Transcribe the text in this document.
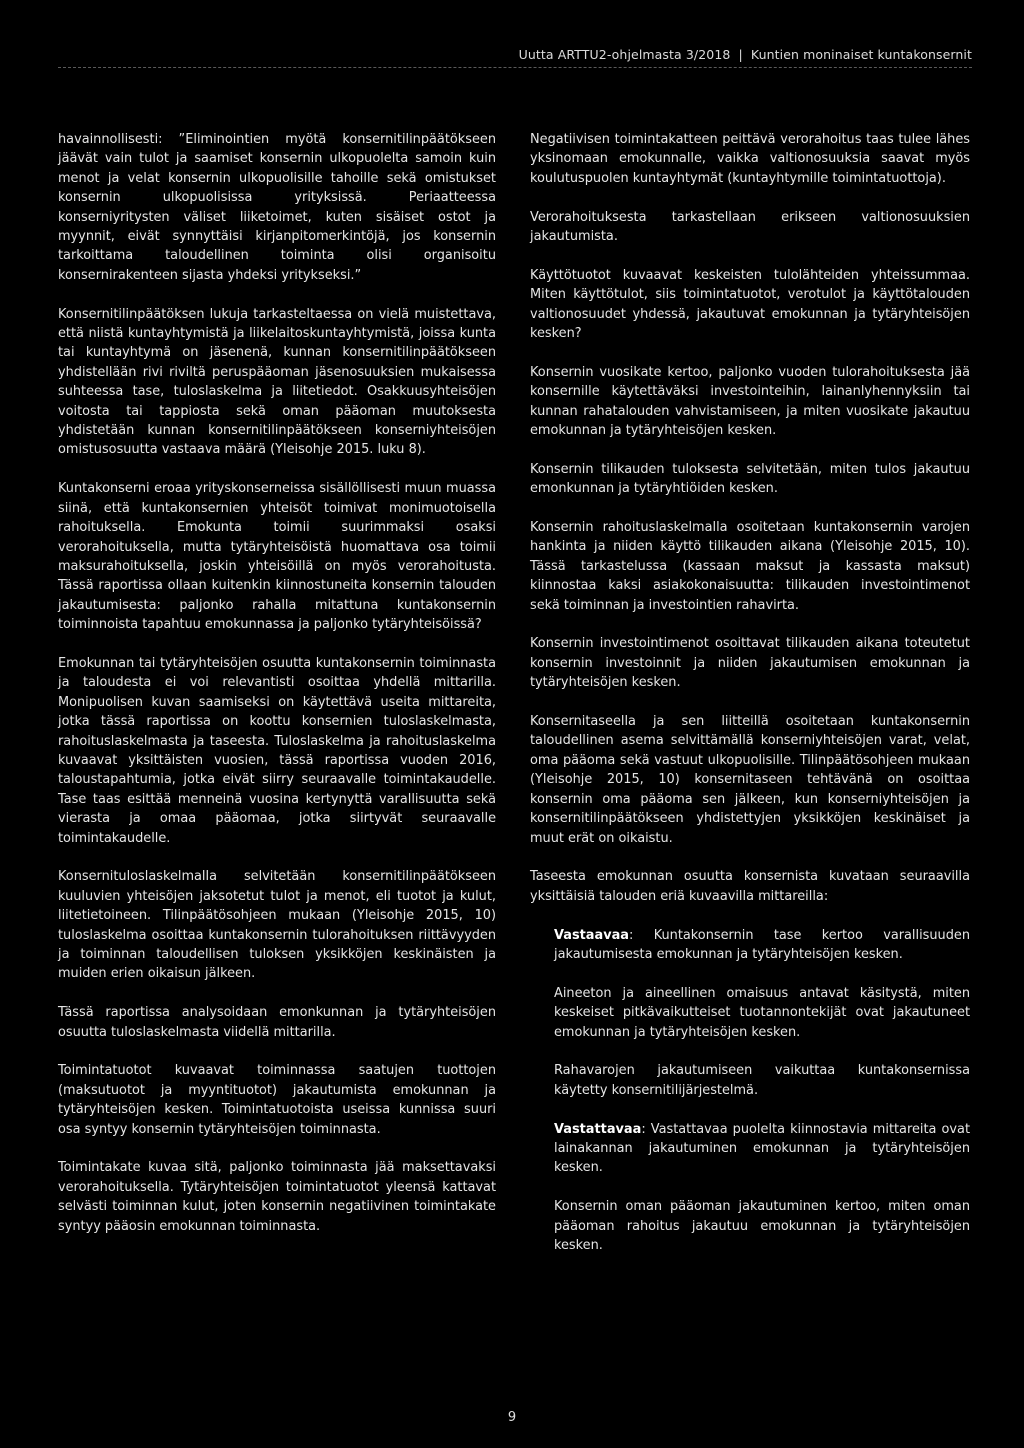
Uutta ARTTU2-ohjelmasta 3/2018 | Kuntien moninaiset kuntakonsernit

havainnollisesti: ”Eliminointien myötä konsernitilinpäätökseen jäävät vain tulot ja saamiset konsernin ulkopuolelta samoin kuin menot ja velat konsernin ulkopuolisille tahoille sekä omistukset konsernin ulkopuolisissa yrityksissä. Periaatteessa konserniyritysten väliset liiketoimet, kuten sisäiset ostot ja myynnit, eivät synnyttäisi kirjanpitomerkintöjä, jos konsernin tarkoittama taloudellinen toiminta olisi organisoitu konsernirakenteen sijasta yhdeksi yritykseksi.”

Konsernitilinpäätöksen lukuja tarkasteltaessa on vielä muistettava, että niistä kuntayhtymistä ja liikelaitoskuntayhtymistä, joissa kunta tai kuntayhtymä on jäsenenä, kunnan konsernitilinpäätökseen yhdistellään rivi riviltä peruspääoman jäsenosuuksien mukaisessa suhteessa tase, tuloslaskelma ja liitetiedot. Osakkuusyhteisöjen voitosta tai tappiosta sekä oman pääoman muutoksesta yhdistetään kunnan konsernitilinpäätökseen konserniyhteisöjen omistusosuutta vastaava määrä (Yleisohje 2015. luku 8).

Kuntakonserni eroaa yrityskonserneissa sisällöllisesti muun muassa siinä, että kuntakonsernien yhteisöt toimivat monimuotoisella rahoituksella. Emokunta toimii suurimmaksi osaksi verorahoituksella, mutta tytäryhteisöistä huomattava osa toimii maksurahoituksella, joskin yhteisöillä on myös verorahoitusta. Tässä raportissa ollaan kuitenkin kiinnostuneita konsernin talouden jakautumisesta: paljonko rahalla mitattuna kuntakonsernin toiminnoista tapahtuu emokunnassa ja paljonko tytäryhteisöissä?

Emokunnan tai tytäryhteisöjen osuutta kuntakonsernin toiminnasta ja taloudesta ei voi relevantisti osoittaa yhdellä mittarilla. Monipuolisen kuvan saamiseksi on käytettävä useita mittareita, jotka tässä raportissa on koottu konsernien tuloslaskelmasta, rahoituslaskelmasta ja taseesta. Tuloslaskelma ja rahoituslaskelma kuvaavat yksittäisten vuosien, tässä raportissa vuoden 2016, taloustapahtumia, jotka eivät siirry seuraavalle toimintakaudelle. Tase taas esittää menneinä vuosina kertynyttä varallisuutta sekä vierasta ja omaa pääomaa, jotka siirtyvät seuraavalle toimintakaudelle.

Konsernituloslaskelmalla selvitetään konsernitilinpäätökseen kuuluvien yhteisöjen jaksotetut tulot ja menot, eli tuotot ja kulut, liitetietoineen. Tilinpäätösohjeen mukaan (Yleisohje 2015, 10) tuloslaskelma osoittaa kuntakonsernin tulorahoituksen riittävyyden ja toiminnan taloudellisen tuloksen yksikköjen keskinäisten ja muiden erien oikaisun jälkeen.

Tässä raportissa analysoidaan emonkunnan ja tytäryhteisöjen osuutta tuloslaskelmasta viidellä mittarilla.

Toimintatuotot kuvaavat toiminnassa saatujen tuottojen (maksutuotot ja myyntituotot) jakautumista emokunnan ja tytäryhteisöjen kesken. Toimintatuotoista useissa kunnissa suuri osa syntyy konsernin tytäryhteisöjen toiminnasta.

Toimintakate kuvaa sitä, paljonko toiminnasta jää maksettavaksi verorahoituksella. Tytäryhteisöjen toimintatuotot yleensä kattavat selvästi toiminnan kulut, joten konsernin negatiivinen toimintakate syntyy pääosin emokunnan toiminnasta.

Negatiivisen toimintakatteen peittävä verorahoitus taas tulee lähes yksinomaan emokunnalle, vaikka valtionosuuksia saavat myös koulutuspuolen kuntayhtymät (kuntayhtymille toimintatuottoja).

Verorahoituksesta tarkastellaan erikseen valtionosuuksien jakautumista.

Käyttötuotot kuvaavat keskeisten tulolähteiden yhteissummaa. Miten käyttötulot, siis toimintatuotot, verotulot ja käyttötalouden valtionosuudet yhdessä, jakautuvat emokunnan ja tytäryhteisöjen kesken?

Konsernin vuosikate kertoo, paljonko vuoden tulorahoituksesta jää konsernille käytettäväksi investointeihin, lainanlyhennyksiin tai kunnan rahatalouden vahvistamiseen, ja miten vuosikate jakautuu emokunnan ja tytäryhteisöjen kesken.

Konsernin tilikauden tuloksesta selvitetään, miten tulos jakautuu emonkunnan ja tytäryhtiöiden kesken.

Konsernin rahoituslaskelmalla osoitetaan kuntakonsernin varojen hankinta ja niiden käyttö tilikauden aikana (Yleisohje 2015, 10). Tässä tarkastelussa (kassaan maksut ja kassasta maksut) kiinnostaa kaksi asiakokonaisuutta: tilikauden investointimenot sekä toiminnan ja investointien rahavirta.

Konsernin investointimenot osoittavat tilikauden aikana toteutetut konsernin investoinnit ja niiden jakautumisen emokunnan ja tytäryhteisöjen kesken.

Konsernitaseella ja sen liitteillä osoitetaan kuntakonsernin taloudellinen asema selvittämällä konserniyhteisöjen varat, velat, oma pääoma sekä vastuut ulkopuolisille. Tilinpäätösohjeen mukaan (Yleisohje 2015, 10) konsernitaseen tehtävänä on osoittaa konsernin oma pääoma sen jälkeen, kun konserniyhteisöjen ja konsernitilinpäätökseen yhdistettyjen yksikköjen keskinäiset ja muut erät on oikaistu.

Taseesta emokunnan osuutta konsernista kuvataan seuraavilla yksittäisiä talouden eriä kuvaavilla mittareilla:

Vastaavaa: Kuntakonsernin tase kertoo varallisuuden jakautumisesta emokunnan ja tytäryhteisöjen kesken.

Aineeton ja aineellinen omaisuus antavat käsitystä, miten keskeiset pitkävaikutteiset tuotannontekijät ovat jakautuneet emokunnan ja tytäryhteisöjen kesken.

Rahavarojen jakautumiseen vaikuttaa kuntakonsernissa käytetty konsernitilijärjestelmä.

Vastattavaa: Vastattavaa puolelta kiinnostavia mittareita ovat lainakannan jakautuminen emokunnan ja tytäryhteisöjen kesken.

Konsernin oman pääoman jakautuminen kertoo, miten oman pääoman rahoitus jakautuu emokunnan ja tytäryhteisöjen kesken.

9
